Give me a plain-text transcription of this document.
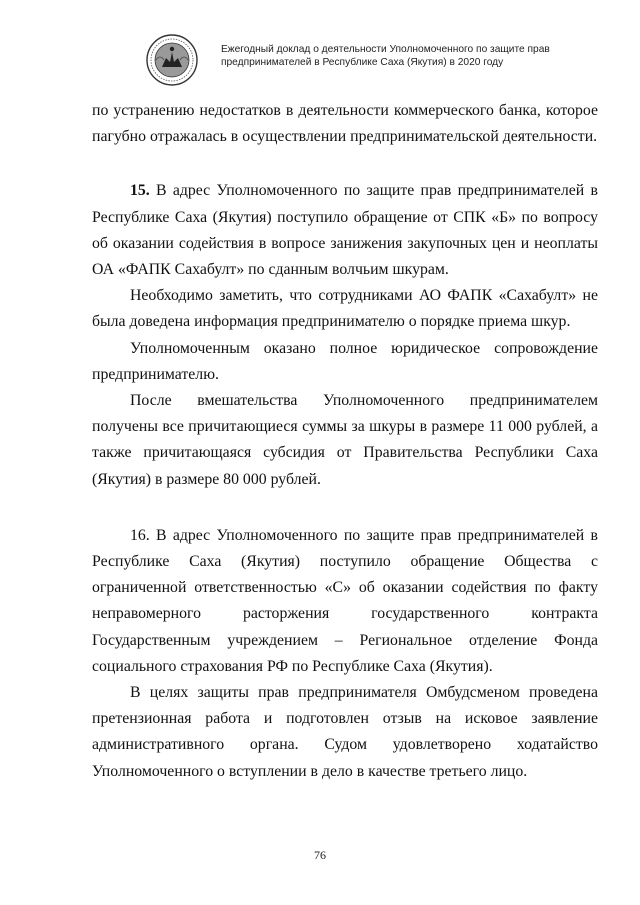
Ежегодный доклад о деятельности Уполномоченного по защите прав
предпринимателей в Республике Саха (Якутия) в 2020 году

по устранению недостатков в деятельности коммерческого банка, которое пагубно отражалась в осуществлении предпринимательской деятельности.

15. В адрес Уполномоченного по защите прав предпринимателей в Республике Саха (Якутия) поступило обращение от СПК «Б» по вопросу об оказании содействия в вопросе занижения закупочных цен и неоплаты ОА «ФАПК Сахабулт» по сданным волчьим шкурам.

Необходимо заметить, что сотрудниками АО ФАПК «Сахабулт» не была доведена информация предпринимателю о порядке приема шкур.

Уполномоченным оказано полное юридическое сопровождение предпринимателю.

После вмешательства Уполномоченного предпринимателем получены все причитающиеся суммы за шкуры в размере 11 000 рублей, а также причитающаяся субсидия от Правительства Республики Саха (Якутия) в размере 80 000 рублей.

16. В адрес Уполномоченного по защите прав предпринимателей в Республике Саха (Якутия) поступило обращение Общества с ограниченной ответственностью «С» об оказании содействия по факту неправомерного расторжения государственного контракта Государственным учреждением – Региональное отделение Фонда социального страхования РФ по Республике Саха (Якутия).

В целях защиты прав предпринимателя Омбудсменом проведена претензионная работа и подготовлен отзыв на исковое заявление административного органа. Судом удовлетворено ходатайство Уполномоченного о вступлении в дело в качестве третьего лицо.

76
